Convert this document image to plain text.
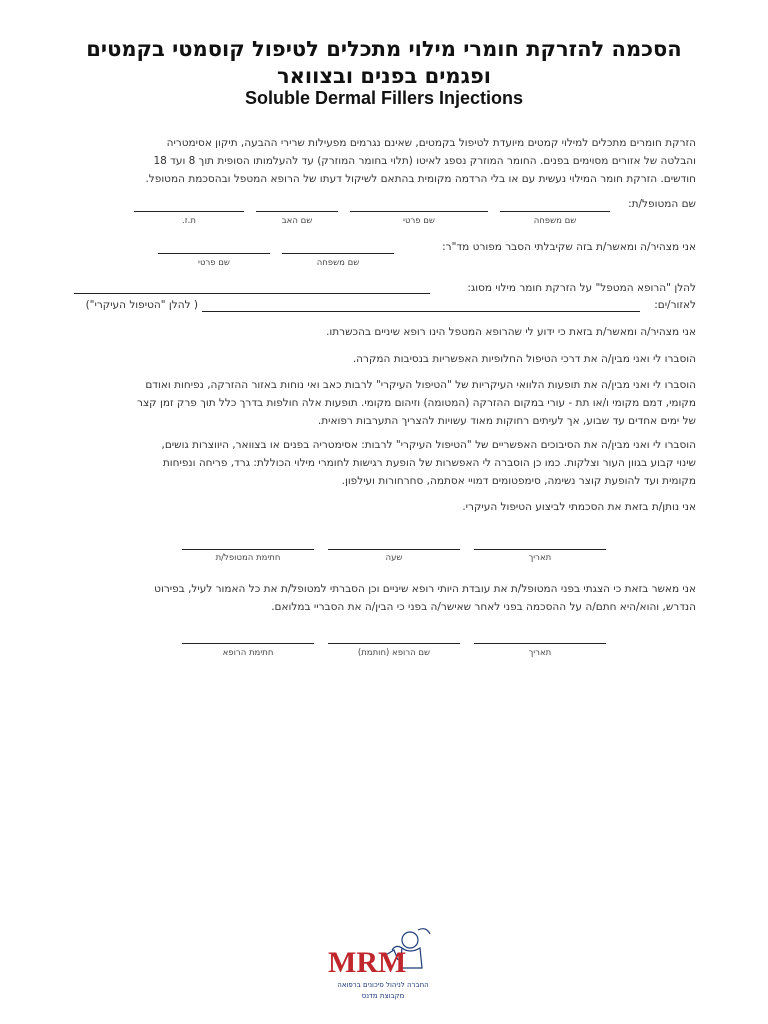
הסכמה להזרקת חומרי מילוי מתכלים לטיפול קוסמטי בקמטים
ופגמים בפנים ובצוואר
Soluble Dermal Fillers Injections
הזרקת חומרים מתכלים למילוי קמטים מיועדת לטיפול בקמטים, שאינם נגרמים מפעילות שרירי ההבעה, תיקון אסימטריה
והבלטה של אזורים מסוימים בפנים. החומר המוזרק נספג לאיטו (תלוי בחומר המוזרק) עד להעלמותו הסופית תוך 8 ועד 18
חודשים. הזרקת חומר המילוי נעשית עם או בלי הרדמה מקומית בהתאם לשיקול דעתו של הרופא המטפל ובהסכמת המטופל.
שם המטופל/ת:
שם משפחה
שם פרטי
שם האב
ת.ז.
אני מצהיר/ה ומאשר/ת בזה שקיבלתי הסבר מפורט מד"ר:
שם משפחה
שם פרטי
להלן "הרופא המטפל" על הזרקת חומר מילוי מסוג:
לאזור/ים:
( להלן "הטיפול העיקרי")
אני מצהיר/ה ומאשר/ת בזאת כי ידוע לי שהרופא המטפל הינו רופא שיניים בהכשרתו.
הוסברו לי ואני מבין/ה את דרכי הטיפול החלופיות האפשריות בנסיבות המקרה.
הוסברו לי ואני מבין/ה את תופעות הלוואי העיקריות של "הטיפול העיקרי" לרבות כאב ואי נוחות באזור ההזרקה, נפיחות ואודם
מקומי, דמם מקומי ו/או תת - עורי במקום ההזרקה (המטומה) וזיהום מקומי. תופעות אלה חולפות בדרך כלל תוך פרק זמן קצר
של ימים אחדים עד שבוע, אך לעיתים רחוקות מאוד עשויות להצריך התערבות רפואית.
הוסברו לי ואני מבין/ה את הסיבוכים האפשריים של "הטיפול העיקרי" לרבות: אסימטריה בפנים או בצוואר, היווצרות גושים,
שינוי קבוע בגוון העור וצלקות. כמו כן הוסברה לי האפשרות של הופעת רגישות לחומרי מילוי הכוללת: גרד, פריחה ונפיחות
מקומית ועד להופעת קוצר נשימה, סימפטומים דמויי אסתמה, סחרחורות ועילפון.
אני נותן/ת בזאת את הסכמתי לביצוע הטיפול העיקרי.
תאריך
שעה
חתימת המטופל/ת
אני מאשר בזאת כי הצגתי בפני המטופל/ת את עובדת היותי רופא שיניים וכן הסברתי למטופל/ת את כל האמור לעיל, בפירוט
הנדרש, והוא/היא חתם/ה על ההסכמה בפני לאחר שאישר/ה בפני כי הבין/ה את הסבריי במלואם.
תאריך
שם הרופא (חותמת)
חתימת הרופא
MRM
החברה לניהול סיכונים ברפואה
מקבוצת מדנס
